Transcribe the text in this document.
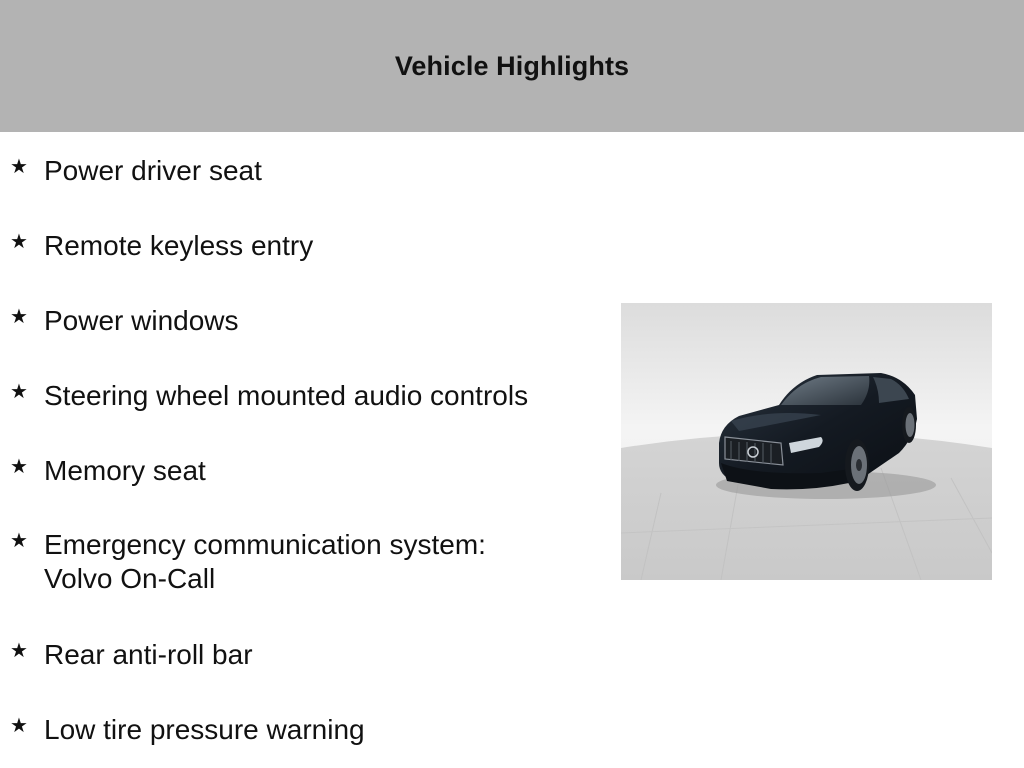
Vehicle Highlights
★ Power driver seat
★ Remote keyless entry
★ Power windows
★ Steering wheel mounted audio controls
★ Memory seat
★ Emergency communication system: Volvo On-Call
★ Rear anti-roll bar
★ Low tire pressure warning
